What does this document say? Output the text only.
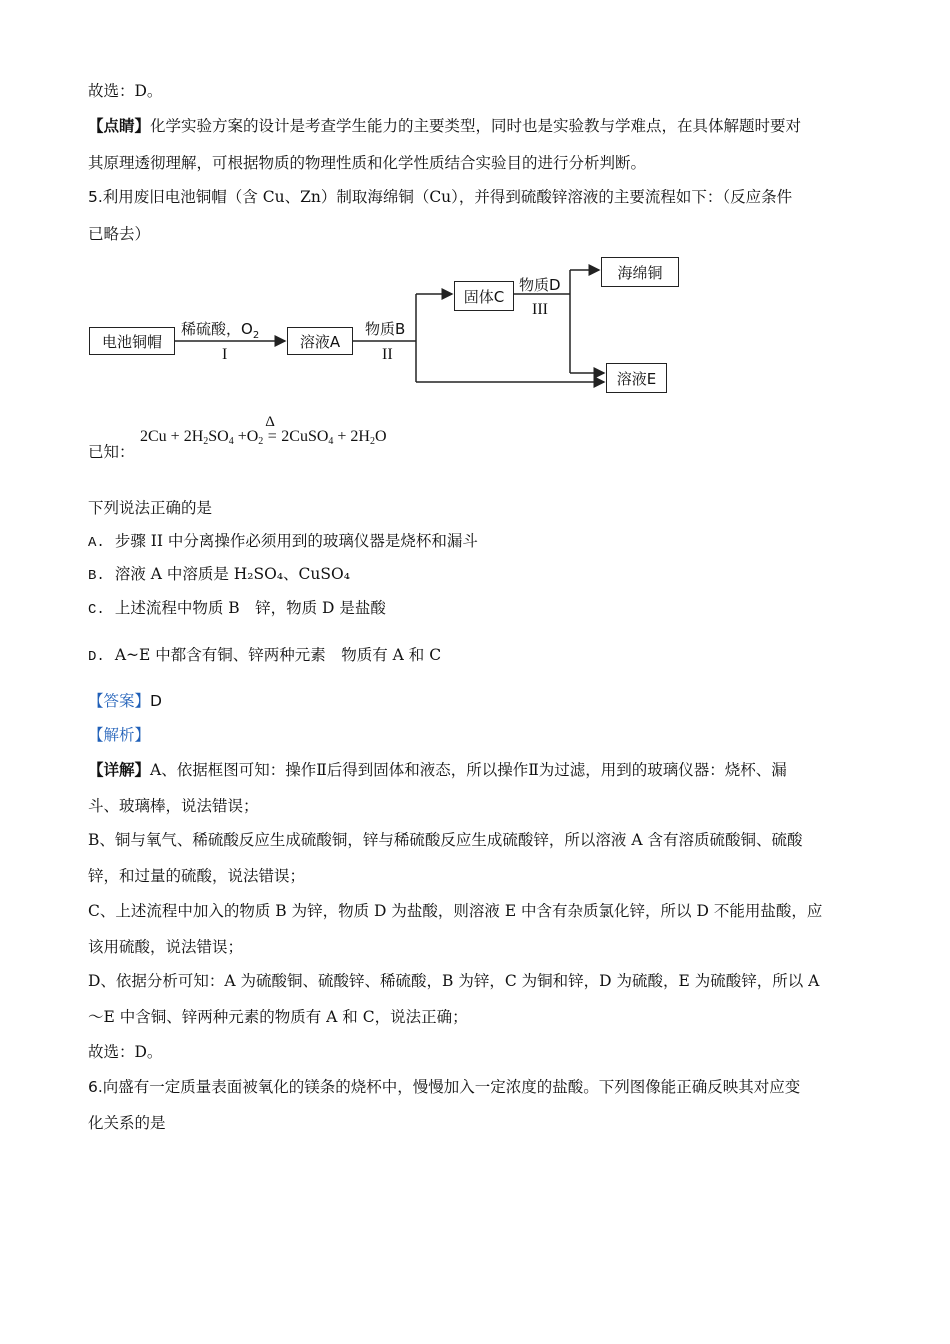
故选：D。
【点睛】化学实验方案的设计是考查学生能力的主要类型，同时也是实验教与学难点，在具体解题时要对
其原理透彻理解，可根据物质的物理性质和化学性质结合实验目的进行分析判断。
5.利用废旧电池铜帽（含 Cu、Zn）制取海绵铜（Cu），并得到硫酸锌溶液的主要流程如下：（反应条件
已略去）
电池铜帽
稀硫酸，$O_2$
I
溶液A
物质B
II
固体C
物质D
III
海绵铜
溶液E
已知：
$2Cu + 2H_2SO_4 +O_2$
Δ
= 2CuSO$_4$ + $2H_2O$
下列说法正确的是
A. 步骤 II 中分离操作必须用到的玻璃仪器是烧杯和漏斗
B. 溶液 A 中溶质是 H₂SO₄、CuSO₄
C. 上述流程中物质 B　锌，物质 D 是盐酸
D. A~E 中都含有铜、锌两种元素　物质有 A 和 C
【答案】D
【解析】
【详解】A、依据框图可知：操作Ⅱ后得到固体和液态，所以操作Ⅱ为过滤，用到的玻璃仪器：烧杯、漏
斗、玻璃棒，说法错误；
B、铜与氧气、稀硫酸反应生成硫酸铜，锌与稀硫酸反应生成硫酸锌，所以溶液 A 含有溶质硫酸铜、硫酸
锌，和过量的硫酸，说法错误；
C、上述流程中加入的物质 B 为锌，物质 D 为盐酸，则溶液 E 中含有杂质氯化锌，所以 D 不能用盐酸，应
该用硫酸，说法错误；
D、依据分析可知：A 为硫酸铜、硫酸锌、稀硫酸，B 为锌，C 为铜和锌，D 为硫酸，E 为硫酸锌，所以 A
～E 中含铜、锌两种元素的物质有 A 和 C，说法正确；
故选：D。
6.向盛有一定质量表面被氧化的镁条的烧杯中，慢慢加入一定浓度的盐酸。下列图像能正确反映其对应变
化关系的是
